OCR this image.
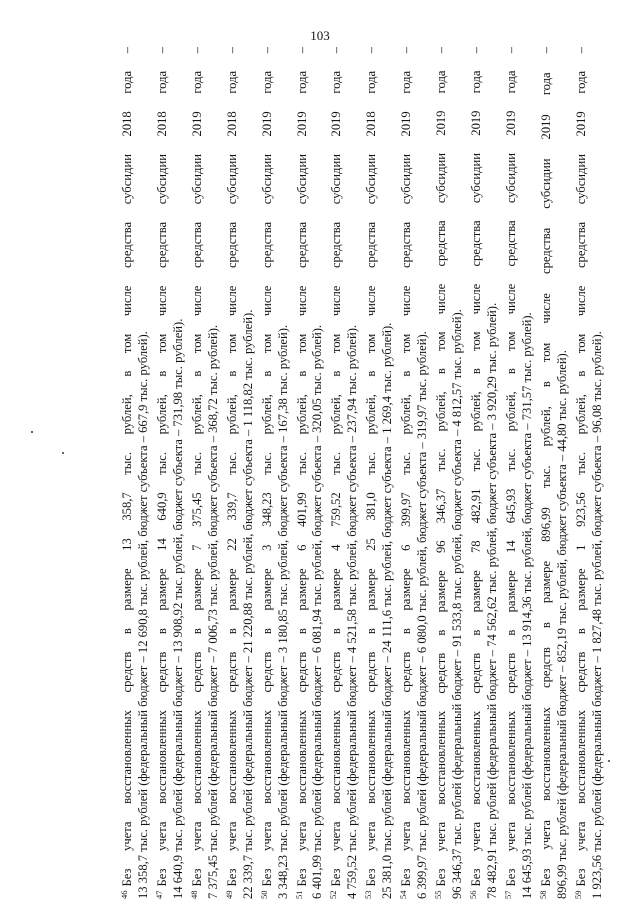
103
$^{46}$Без учета восстановленных средств в размере 13 358,7 тыс. рублей, в том числе средства субсидии 2018 года – 13 358,7 тыс. рублей (федеральный бюджет – 12 690,8 тыс. рублей, бюджет субъекта – 667,9 тыс. рублей). $^{47}$Без учета восстановленных средств в размере 14 640,9 тыс. рублей, в том числе средства субсидии 2018 года – 14 640,9 тыс. рублей (федеральный бюджет – 13 908,92 тыс. рублей, бюджет субъекта – 731,98 тыс. рублей). $^{48}$Без учета восстановленных средств в размере 7 375,45 тыс. рублей, в том числе средства субсидии 2019 года – 7 375,45 тыс. рублей (федеральный бюджет – 7 006,73 тыс. рублей, бюджет субъекта – 368,72 тыс. рублей). $^{49}$Без учета восстановленных средств в размере 22 339,7 тыс. рублей, в том числе средства субсидии 2018 года – 22 339,7 тыс. рублей (федеральный бюджет – 21 220,88 тыс. рублей, бюджет субъекта – 1 118,82 тыс. рублей). $^{50}$Без учета восстановленных средств в размере 3 348,23 тыс. рублей, в том числе средства субсидии 2019 года – 3 348,23 тыс. рублей (федеральный бюджет – 3 180,85 тыс. рублей, бюджет субъекта – 167,38 тыс. рублей). $^{51}$Без учета восстановленных средств в размере 6 401,99 тыс. рублей, в том числе средства субсидии 2019 года – 6 401,99 тыс. рублей (федеральный бюджет – 6 081,94 тыс. рублей, бюджет субъекта – 320,05 тыс. рублей). $^{52}$Без учета восстановленных средств в размере 4 759,52 тыс. рублей, в том числе средства субсидии 2019 года – 4 759,52 тыс. рублей (федеральный бюджет – 4 521,58 тыс. рублей, бюджет субъекта – 237,94 тыс. рублей). $^{53}$Без учета восстановленных средств в размере 25 381,0 тыс. рублей, в том числе средства субсидии 2018 года – 25 381,0 тыс. рублей (федеральный бюджет – 24 111,6 тыс. рублей, бюджет субъекта – 1 269,4 тыс. рублей). $^{54}$Без учета восстановленных средств в размере 6 399,97 тыс. рублей, в том числе средства субсидии 2019 года – 6 399,97 тыс. рублей (федеральный бюджет – 6 080,0 тыс. рублей, бюджет субъекта – 319,97 тыс. рублей). $^{55}$Без учета восстановленных средств в размере 96 346,37 тыс. рублей, в том числе средства субсидии 2019 года – 96 346,37 тыс. рублей (федеральный бюджет – 91 533,8 тыс. рублей, бюджет субъекта – 4 812,57 тыс. рублей). $^{56}$Без учета восстановленных средств в размере 78 482,91 тыс. рублей, в том числе средства субсидии 2019 года – 78 482,91 тыс. рублей (федеральный бюджет – 74 562,62 тыс. рублей, бюджет субъекта – 3 920,29 тыс. рублей). $^{57}$Без учета восстановленных средств в размере 14 645,93 тыс. рублей, в том числе средства субсидии 2019 года – 14 645,93 тыс. рублей (федеральный бюджет – 13 914,36 тыс. рублей, бюджет субъекта – 731,57 тыс. рублей). $^{58}$Без учета восстановленных средств в размере 896,99 тыс. рублей, в том числе средства субсидии 2019 года – 896,99 тыс. рублей (федеральный бюджет – 852,19 тыс. рублей, бюджет субъекта – 44,80 тыс. рублей). $^{59}$Без учета восстановленных средств в размере 1 923,56 тыс. рублей, в том числе средства субсидии 2019 года – 1 923,56 тыс. рублей (федеральный бюджет – 1 827,48 тыс. рублей, бюджет субъекта – 96,08 тыс. рублей).
